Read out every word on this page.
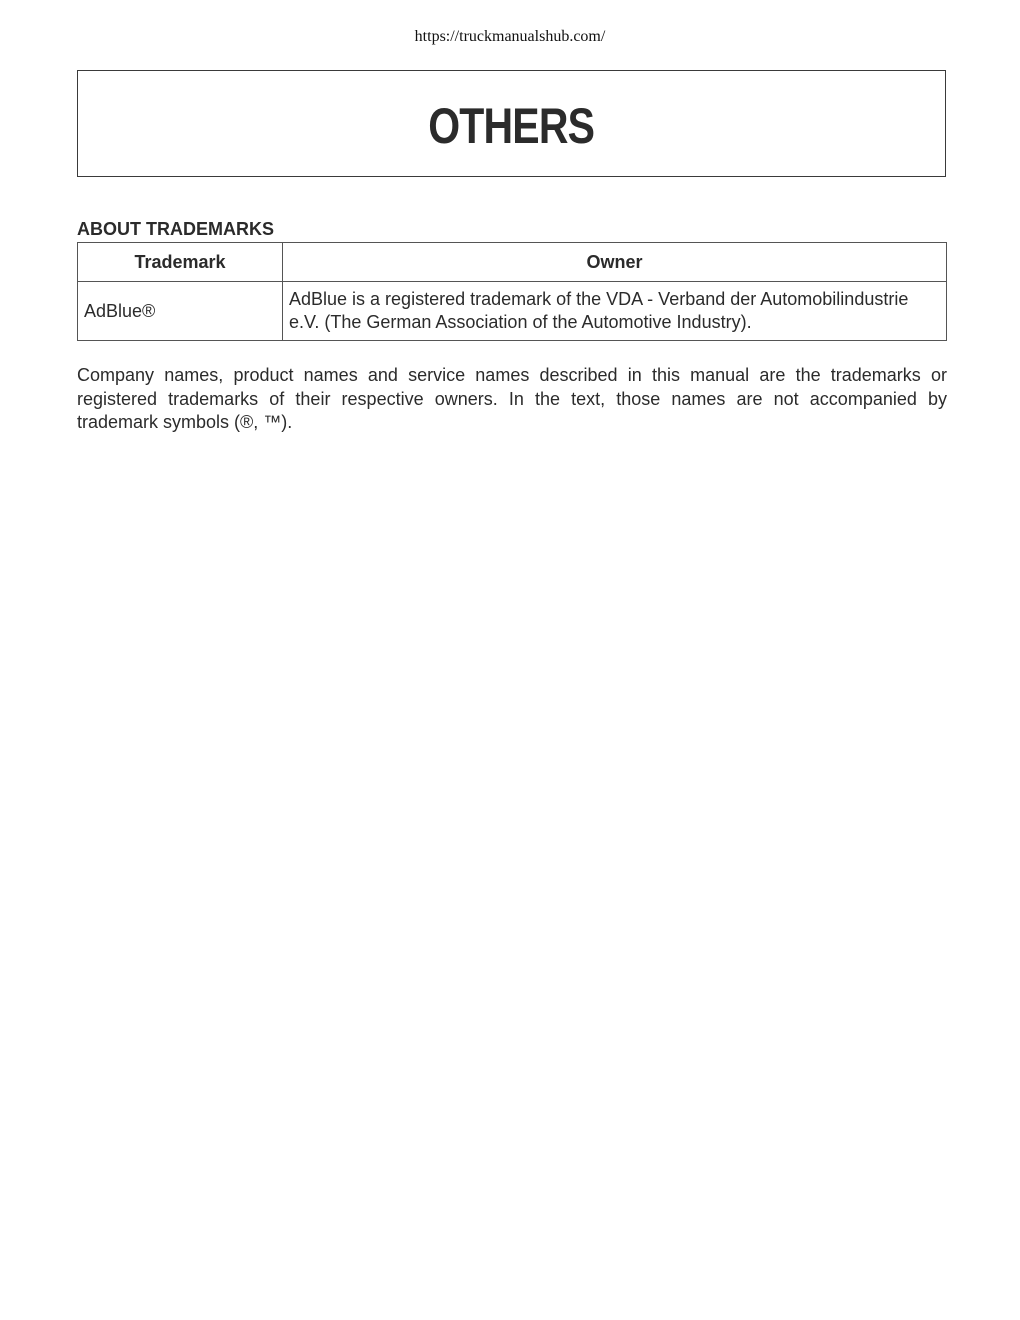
https://truckmanualshub.com/
OTHERS
ABOUT TRADEMARKS
Trademark	Owner
AdBlue®	AdBlue is a registered trademark of the VDA - Verband der Automobilindustrie e.V. (The German Association of the Automotive Industry).

Company names, product names and service names described in this manual are the trademarks or registered trademarks of their respective owners. In the text, those names are not accompanied by trademark symbols (®, ™).
